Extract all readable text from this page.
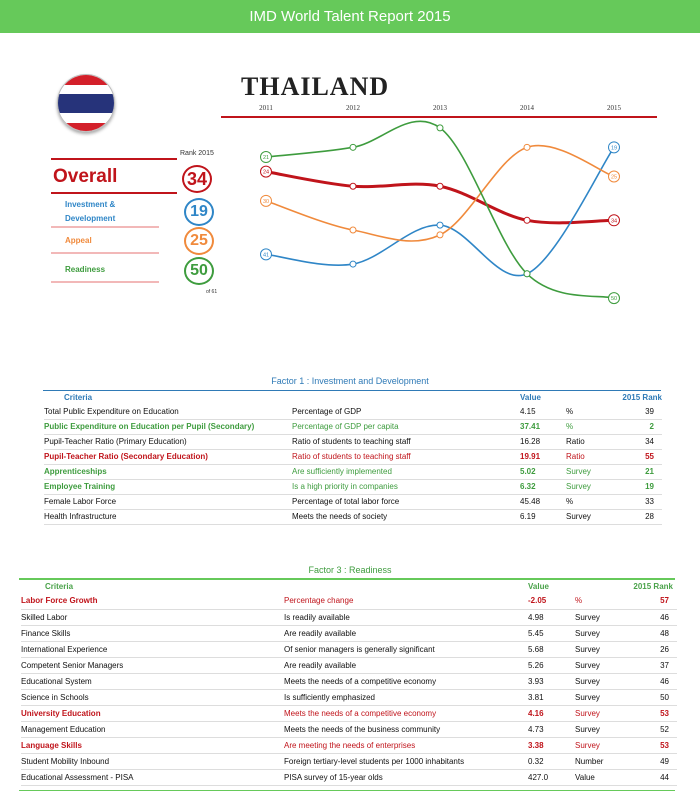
IMD World Talent Report 2015
THAILAND
2011	2012	2013	2014	2015
Rank 2015
Overall	34
Investment &
Development	19
Appeal	25
Readiness	50
of 61
24
34
41
19
30
25
21
50
Factor 1 : Investment and Development
Criteria		Value		2015 Rank
Total Public Expenditure on Education	Percentage of GDP	4.15	%	39
Public Expenditure on Education per Pupil (Secondary)	Percentage of GDP per capita	37.41	%	2
Pupil-Teacher Ratio (Primary Education)	Ratio of students to teaching staff	16.28	Ratio	34
Pupil-Teacher Ratio (Secondary Education)	Ratio of students to teaching staff	19.91	Ratio	55
Apprenticeships	Are sufficiently implemented	5.02	Survey	21
Employee Training	Is a high priority in companies	6.32	Survey	19
Female Labor Force	Percentage of total labor force	45.48	%	33
Health Infrastructure	Meets the needs of society	6.19	Survey	28
Factor 3 : Readiness
Criteria		Value		2015 Rank
Labor Force Growth	Percentage change	-2.05	%	57
Skilled Labor	Is readily available	4.98	Survey	46
Finance Skills	Are readily available	5.45	Survey	48
International Experience	Of senior managers is generally significant	5.68	Survey	26
Competent Senior Managers	Are readily available	5.26	Survey	37
Educational System	Meets the needs of a competitive economy	3.93	Survey	46
Science in Schools	Is sufficiently emphasized	3.81	Survey	50
University Education	Meets the needs of a competitive economy	4.16	Survey	53
Management Education	Meets the needs of the business community	4.73	Survey	52
Language Skills	Are meeting the needs of enterprises	3.38	Survey	53
Student Mobility Inbound	Foreign tertiary-level students per 1000 inhabitants	0.32	Number	49
Educational Assessment - PISA	PISA survey of 15-year olds	427.0	Value	44
